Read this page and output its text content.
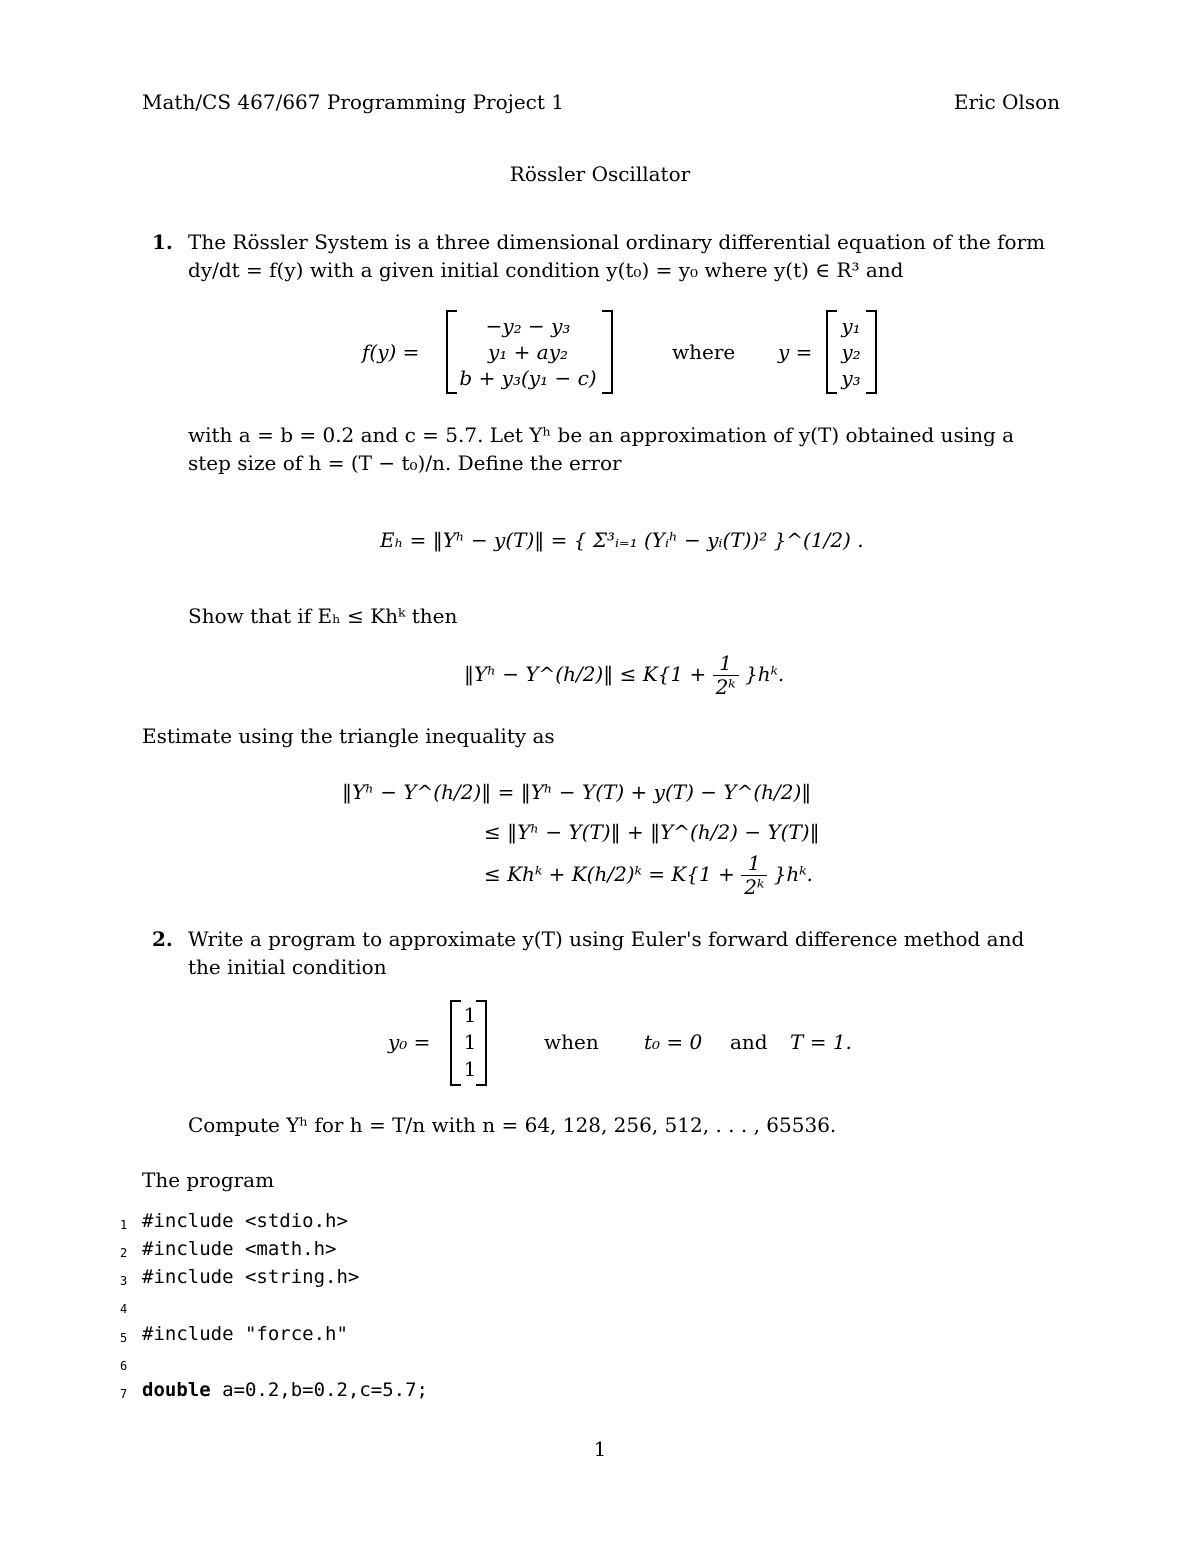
Math/CS 467/667 Programming Project 1	Eric Olson
Rössler Oscillator
1. The Rössler System is a three dimensional ordinary differential equation of the form
dy/dt = f(y) with a given initial condition y(t₀) = y₀ where y(t) ∈ R³ and
f(y) =
−y₂ − y₃
y₁ + ay₂
b + y₃(y₁ − c)
where y =
y₁
y₂
y₃
with a = b = 0.2 and c = 5.7. Let Yʰ be an approximation of y(T) obtained using a
step size of h = (T − t₀)/n. Define the error
Eₕ = ‖Yʰ − y(T)‖ = { Σ³ᵢ₌₁ (Yᵢʰ − yᵢ(T))² }^(1/2) .
Show that if Eₕ ≤ Khᵏ then
‖Yʰ − Y^(h/2)‖ ≤ $K\{1 + \frac{1}{\text{2ᵏ}}$ }hᵏ.
Estimate using the triangle inequality as
‖Yʰ − Y^(h/2)‖ = ‖Yʰ − Y(T) + y(T) − Y^(h/2)‖
≤ ‖Yʰ − Y(T)‖ + ‖Y^(h/2) − Y(T)‖
≤ Khᵏ + K(h/2)ᵏ = $K\{1 + \frac{1}{\text{2ᵏ}}$ }hᵏ.
2. Write a program to approximate y(T) using Euler's forward difference method and
the initial condition
y₀ =
1
1
1
when t₀ = 0 and T = 1.
Compute Yʰ for h = T/n with n = 64, 128, 256, 512, . . . , 65536.
The program
1 #include <stdio.h>
2 #include <math.h>
3 #include <string.h>
4
5 #include "force.h"
6
7 double a=0.2,b=0.2,c=5.7;
1
